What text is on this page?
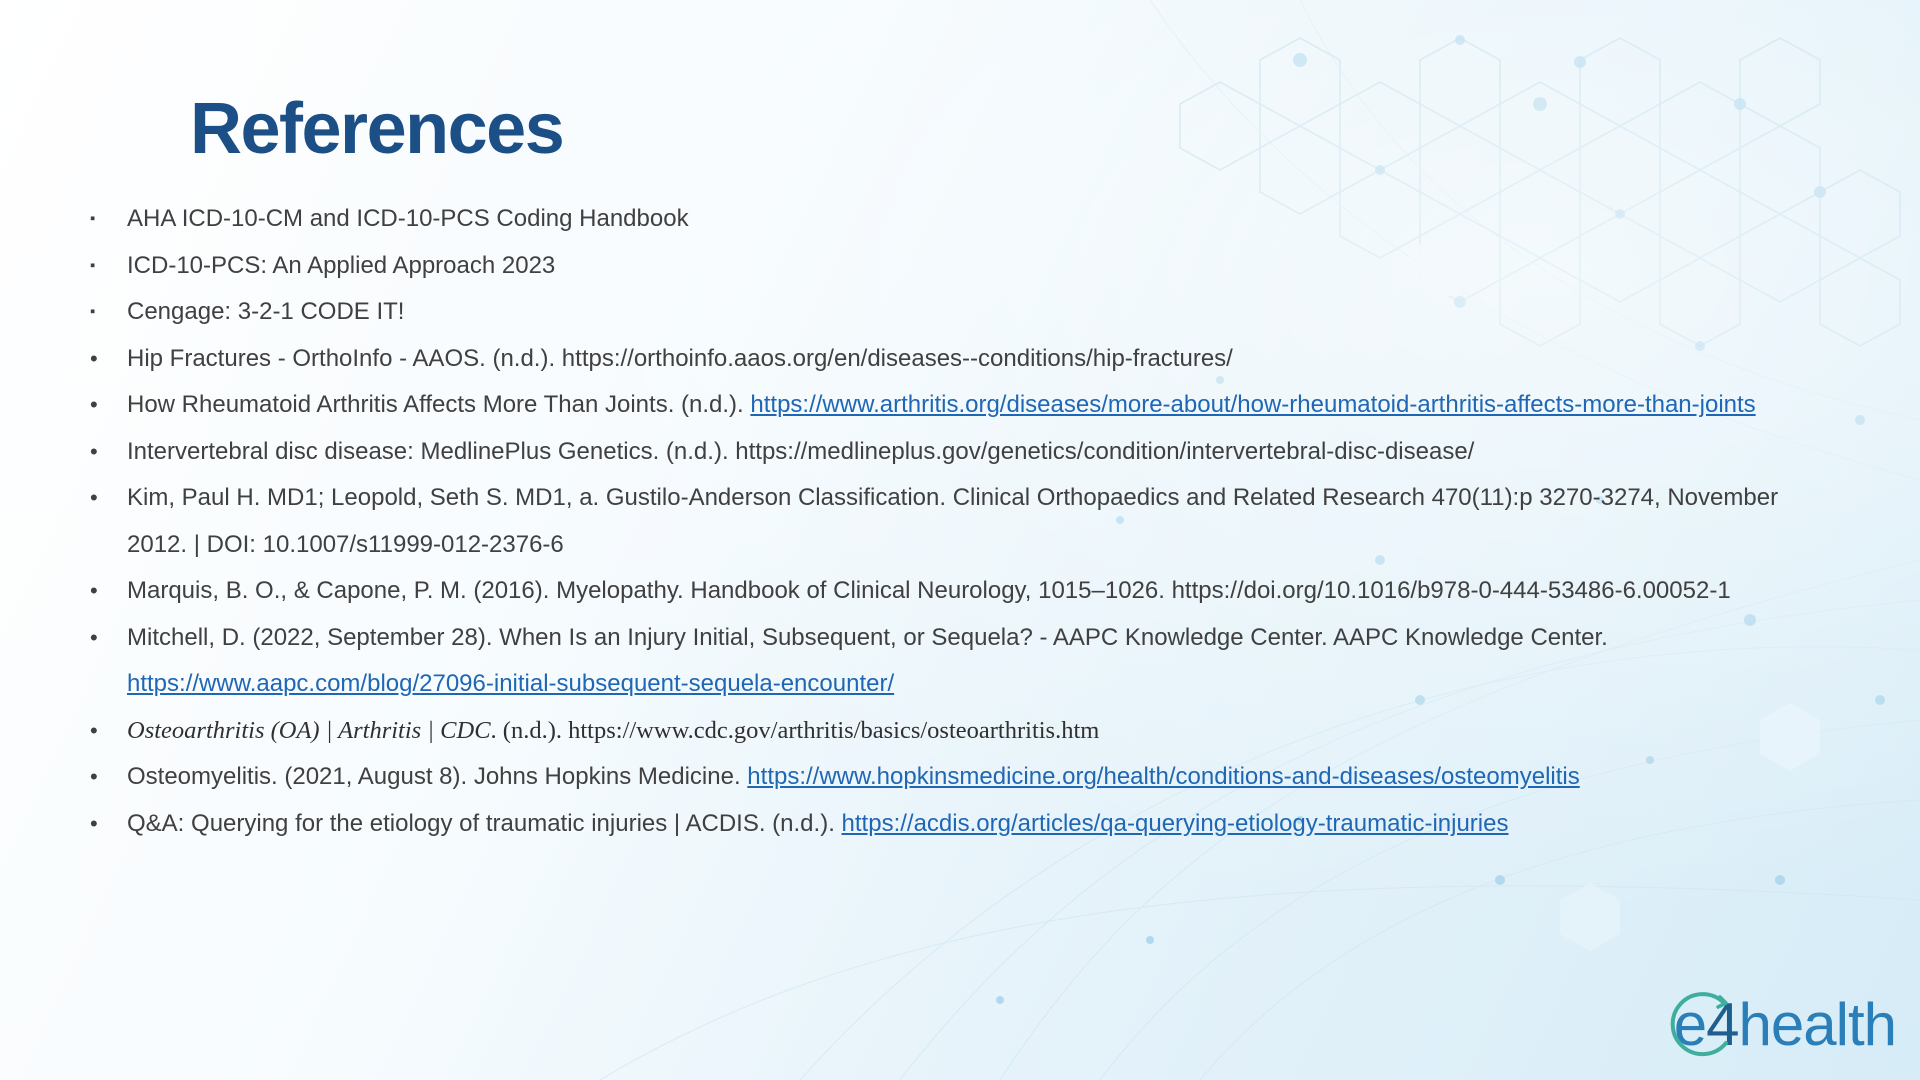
References
▪	AHA ICD-10-CM and ICD-10-PCS Coding Handbook
▪	ICD-10-PCS: An Applied Approach 2023
▪	Cengage: 3-2-1 CODE IT!
•	Hip Fractures - OrthoInfo - AAOS. (n.d.). https://orthoinfo.aaos.org/en/diseases--conditions/hip-fractures/
•	How Rheumatoid Arthritis Affects More Than Joints. (n.d.). https://www.arthritis.org/diseases/more-about/how-rheumatoid-arthritis-affects-more-than-joints
•	Intervertebral disc disease: MedlinePlus Genetics. (n.d.). https://medlineplus.gov/genetics/condition/intervertebral-disc-disease/
•	Kim, Paul H. MD1; Leopold, Seth S. MD1, a. Gustilo-Anderson Classification. Clinical Orthopaedics and Related Research 470(11):p 3270-3274, November 2012. | DOI: 10.1007/s11999-012-2376-6
•	Marquis, B. O., & Capone, P. M. (2016). Myelopathy. Handbook of Clinical Neurology, 1015–1026. https://doi.org/10.1016/b978-0-444-53486-6.00052-1
•	Mitchell, D. (2022, September 28). When Is an Injury Initial, Subsequent, or Sequela? - AAPC Knowledge Center. AAPC Knowledge Center. https://www.aapc.com/blog/27096-initial-subsequent-sequela-encounter/
•	Osteoarthritis (OA) | Arthritis | CDC. (n.d.). https://www.cdc.gov/arthritis/basics/osteoarthritis.htm
•	Osteomyelitis. (2021, August 8). Johns Hopkins Medicine. https://www.hopkinsmedicine.org/health/conditions-and-diseases/osteomyelitis
•	Q&A: Querying for the etiology of traumatic injuries | ACDIS. (n.d.). https://acdis.org/articles/qa-querying-etiology-traumatic-injuries
e4 health
